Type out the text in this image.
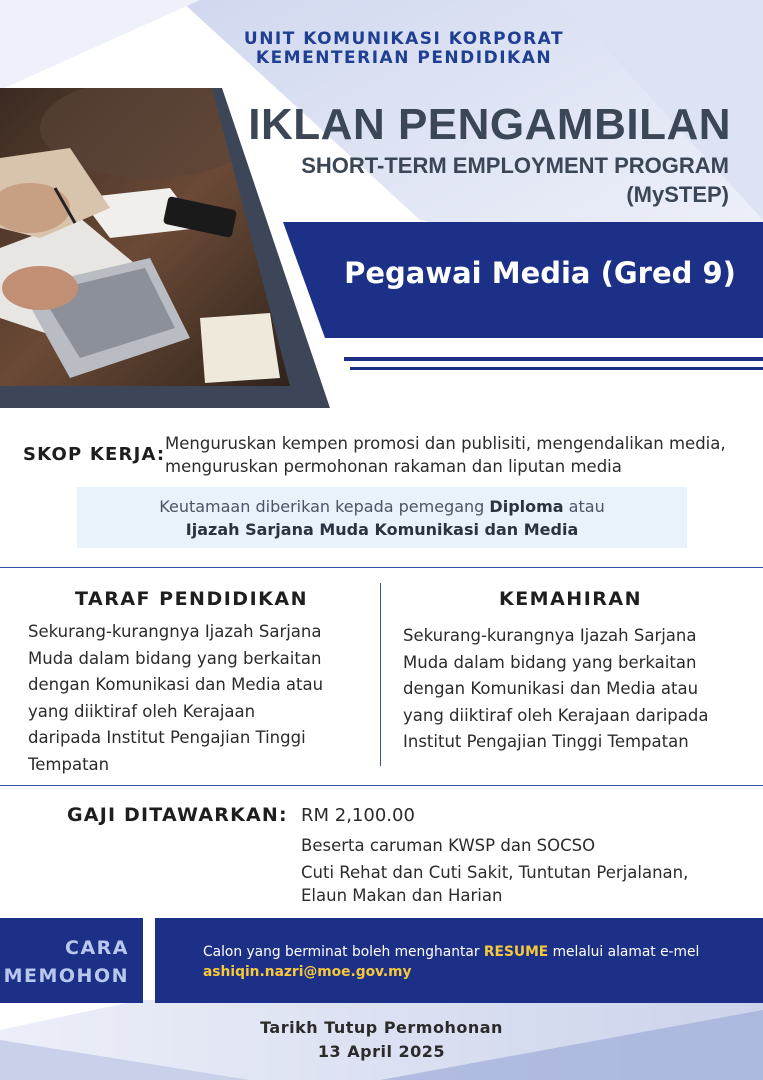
UNIT KOMUNIKASI KORPORAT
KEMENTERIAN PENDIDIKAN
IKLAN PENGAMBILAN
SHORT-TERM EMPLOYMENT PROGRAM
(MySTEP)
Pegawai Media (Gred 9)
SKOP KERJA:
Menguruskan kempen promosi dan publisiti, mengendalikan media,
menguruskan permohonan rakaman dan liputan media
Keutamaan diberikan kepada pemegang Diploma atau
Ijazah Sarjana Muda Komunikasi dan Media
TARAF PENDIDIKAN
Sekurang-kurangnya Ijazah Sarjana
Muda dalam bidang yang berkaitan
dengan Komunikasi dan Media atau
yang diiktiraf oleh Kerajaan
daripada Institut Pengajian Tinggi
Tempatan
KEMAHIRAN
Sekurang-kurangnya Ijazah Sarjana
Muda dalam bidang yang berkaitan
dengan Komunikasi dan Media atau
yang diiktiraf oleh Kerajaan daripada
Institut Pengajian Tinggi Tempatan
GAJI DITAWARKAN: RM 2,100.00
Beserta caruman KWSP dan SOCSO
Cuti Rehat dan Cuti Sakit, Tuntutan Perjalanan,
Elaun Makan dan Harian
CARA
MEMOHON
Calon yang berminat boleh menghantar RESUME melalui alamat e-mel
ashiqin.nazri@moe.gov.my
Tarikh Tutup Permohonan
13 April 2025
